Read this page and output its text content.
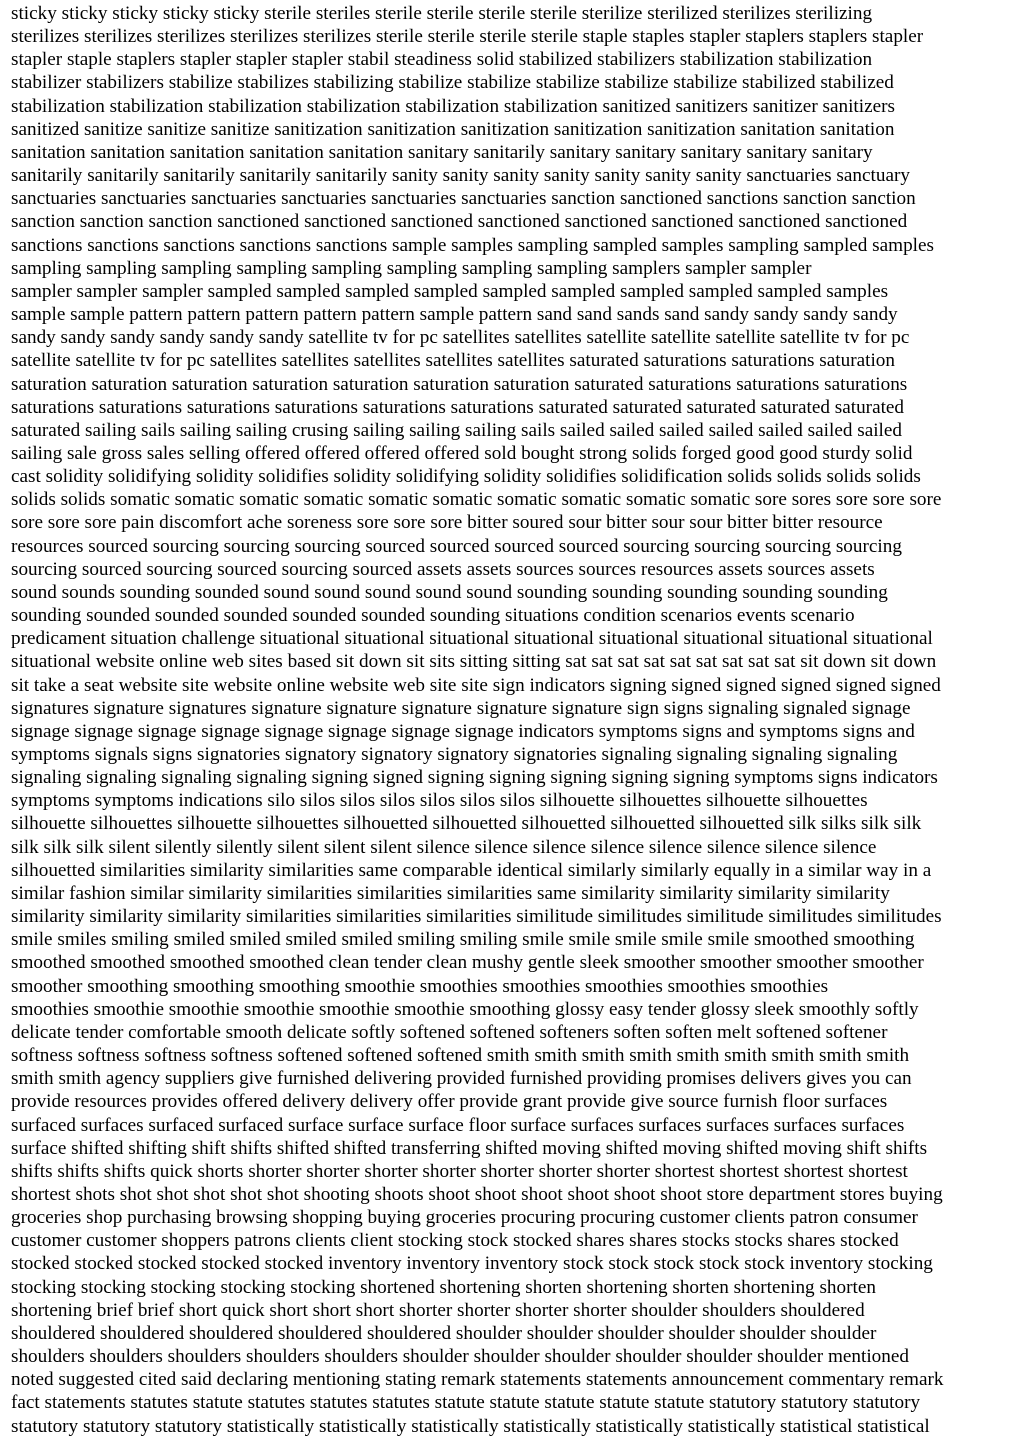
sticky sticky sticky sticky sticky sterile steriles sterile sterile sterile sterile sterilize sterilized sterilizes sterilizing
sterilizes sterilizes sterilizes sterilizes sterilizes sterile sterile sterile sterile staple staples stapler staplers staplers stapler
stapler staple staplers stapler stapler stapler stabil steadiness solid stabilized stabilizers stabilization stabilization
stabilizer stabilizers stabilize stabilizes stabilizing stabilize stabilize stabilize stabilize stabilize stabilized stabilized
stabilization stabilization stabilization stabilization stabilization stabilization sanitized sanitizers sanitizer sanitizers
sanitized sanitize sanitize sanitize sanitization sanitization sanitization sanitization sanitization sanitation sanitation
sanitation sanitation sanitation sanitation sanitation sanitary sanitarily sanitary sanitary sanitary sanitary sanitary
sanitarily sanitarily sanitarily sanitarily sanitarily sanity sanity sanity sanity sanity sanity sanity sanctuaries sanctuary
sanctuaries sanctuaries sanctuaries sanctuaries sanctuaries sanctuaries sanction sanctioned sanctions sanction sanction
sanction sanction sanction sanctioned sanctioned sanctioned sanctioned sanctioned sanctioned sanctioned sanctioned
sanctions sanctions sanctions sanctions sanctions sample samples sampling sampled samples sampling sampled samples
sampling sampling sampling sampling sampling sampling sampling sampling samplers sampler sampler
sampler sampler sampler sampled sampled sampled sampled sampled sampled sampled sampled sampled samples
sample sample pattern pattern pattern pattern pattern sample pattern sand sand sands sand sandy sandy sandy sandy
sandy sandy sandy sandy sandy sandy satellite tv for pc satellites satellites satellite satellite satellite satellite tv for pc
satellite satellite tv for pc satellites satellites satellites satellites satellites saturated saturations saturations saturation
saturation saturation saturation saturation saturation saturation saturation saturated saturations saturations saturations
saturations saturations saturations saturations saturations saturations saturated saturated saturated saturated saturated
saturated sailing sails sailing sailing crusing sailing sailing sailing sails sailed sailed sailed sailed sailed sailed sailed
sailing sale gross sales selling offered offered offered offered sold bought strong solids forged good good sturdy solid
cast solidity solidifying solidity solidifies solidity solidifying solidity solidifies solidification solids solids solids solids
solids solids somatic somatic somatic somatic somatic somatic somatic somatic somatic somatic sore sores sore sore sore
sore sore sore pain discomfort ache soreness sore sore sore bitter soured sour bitter sour sour bitter bitter resource
resources sourced sourcing sourcing sourcing sourced sourced sourced sourced sourcing sourcing sourcing sourcing
sourcing sourced sourcing sourced sourcing sourced assets assets sources sources resources assets sources assets
sound sounds sounding sounded sound sound sound sound sound sounding sounding sounding sounding sounding
sounding sounded sounded sounded sounded sounded sounding situations condition scenarios events scenario
predicament situation challenge situational situational situational situational situational situational situational situational
situational website online web sites based sit down sit sits sitting sitting sat sat sat sat sat sat sat sat sat sit down sit down
sit take a seat website site website online website web site site sign indicators signing signed signed signed signed signed
signatures signature signatures signature signature signature signature signature sign signs signaling signaled signage
signage signage signage signage signage signage signage signage indicators symptoms signs and symptoms signs and
symptoms signals signs signatories signatory signatory signatory signatories signaling signaling signaling signaling
signaling signaling signaling signaling signing signed signing signing signing signing signing symptoms signs indicators
symptoms symptoms indications silo silos silos silos silos silos silos silhouette silhouettes silhouette silhouettes
silhouette silhouettes silhouette silhouettes silhouetted silhouetted silhouetted silhouetted silhouetted silk silks silk silk
silk silk silk silent silently silently silent silent silent silence silence silence silence silence silence silence silence
silhouetted similarities similarity similarities same comparable identical similarly similarly equally in a similar way in a
similar fashion similar similarity similarities similarities similarities same similarity similarity similarity similarity
similarity similarity similarity similarities similarities similarities similitude similitudes similitude similitudes similitudes
smile smiles smiling smiled smiled smiled smiled smiling smiling smile smile smile smile smile smoothed smoothing
smoothed smoothed smoothed smoothed clean tender clean mushy gentle sleek smoother smoother smoother smoother
smoother smoothing smoothing smoothing smoothie smoothies smoothies smoothies smoothies smoothies
smoothies smoothie smoothie smoothie smoothie smoothie smoothing glossy easy tender glossy sleek smoothly softly
delicate tender comfortable smooth delicate softly softened softened softeners soften soften melt softened softener
softness softness softness softness softened softened softened smith smith smith smith smith smith smith smith smith
smith smith agency suppliers give furnished delivering provided furnished providing promises delivers gives you can
provide resources provides offered delivery delivery offer provide grant provide give source furnish floor surfaces
surfaced surfaces surfaced surfaced surface surface surface floor surface surfaces surfaces surfaces surfaces surfaces
surface shifted shifting shift shifts shifted shifted transferring shifted moving shifted moving shifted moving shift shifts
shifts shifts shifts quick shorts shorter shorter shorter shorter shorter shorter shorter shortest shortest shortest shortest
shortest shots shot shot shot shot shot shooting shoots shoot shoot shoot shoot shoot shoot store department stores buying
groceries shop purchasing browsing shopping buying groceries procuring procuring customer clients patron consumer
customer customer shoppers patrons clients client stocking stock stocked shares shares stocks stocks shares stocked
stocked stocked stocked stocked stocked inventory inventory inventory stock stock stock stock stock inventory stocking
stocking stocking stocking stocking stocking shortened shortening shorten shortening shorten shortening shorten
shortening brief brief short quick short short short shorter shorter shorter shorter shoulder shoulders shouldered
shouldered shouldered shouldered shouldered shouldered shoulder shoulder shoulder shoulder shoulder shoulder
shoulders shoulders shoulders shoulders shoulders shoulder shoulder shoulder shoulder shoulder shoulder mentioned
noted suggested cited said declaring mentioning stating remark statements statements announcement commentary remark
fact statements statutes statute statutes statutes statutes statute statute statute statute statute statutory statutory statutory
statutory statutory statutory statistically statistically statistically statistically statistically statistically statistical statistical
